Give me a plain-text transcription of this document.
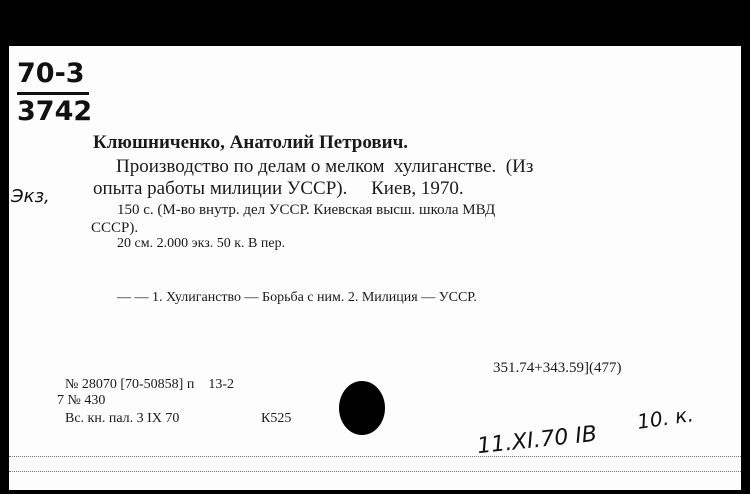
70-3
3742
Экз,
Клюшниченко, Анатолий Петрович.
Производство по делам о мелком  хулиганстве.  (Из
опыта работы милиции УССР).     Киев, 1970.
150 с. (М-во внутр. дел УССР. Киевская высш. школа МВД
СССР).
20 см. 2.000 экз. 50 к. В пер.
— — 1. Хулиганство — Борьба с ним. 2. Милиция — УССР.
351.74+343.59](477)
№ 28070 [70-50858] п    13-2
7 № 430
Вс. кн. пал. 3 IX 70	К525
11.XI.70 IВ
10. к.
